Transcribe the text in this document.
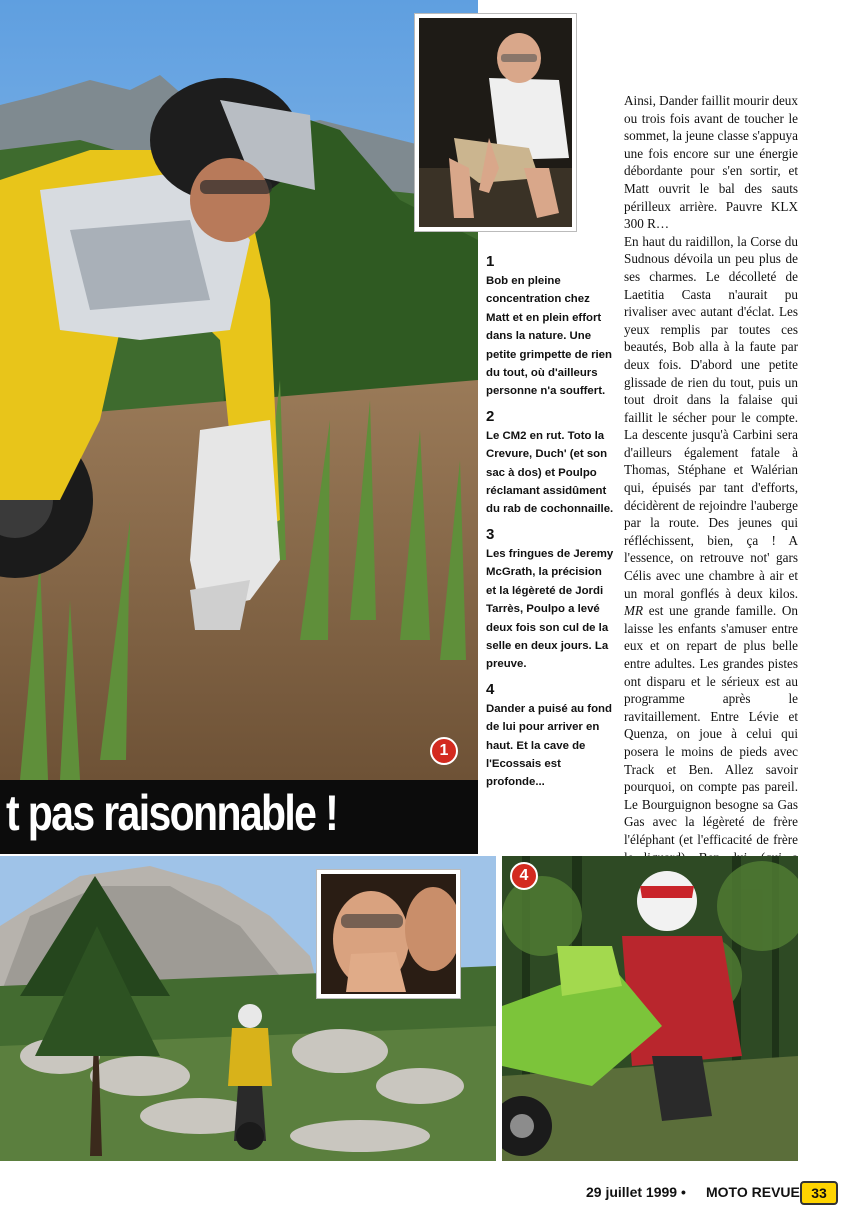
1
t pas raisonnable !
1
Bob en pleine concentration chez Matt et en plein effort dans la nature. Une petite grimpette de rien du tout, où d'ailleurs personne n'a souffert.
2
Le CM2 en rut. Toto la Crevure, Duch' (et son sac à dos) et Poulpo réclamant assidûment du rab de cochonnaille.
3
Les fringues de Jeremy McGrath, la précision et la légèreté de Jordi Tarrès, Poulpo a levé deux fois son cul de la selle en deux jours. La preuve.
4
Dander a puisé au fond de lui pour arriver en haut. Et la cave de l'Ecossais est profonde...

Ainsi, Dander faillit mourir deux ou trois fois avant de toucher le sommet, la jeune classe s'appuya une fois encore sur une énergie débordante pour s'en sortir, et Matt ouvrit le bal des sauts périlleux arrière. Pauvre KLX 300 R…

En haut du raidillon, la Corse du Sudnous dévoila un peu plus de ses charmes. Le décolleté de Laetitia Casta n'aurait pu rivaliser avec autant d'éclat. Les yeux remplis par toutes ces beautés, Bob alla à la faute par deux fois. D'abord une petite glissade de rien du tout, puis un tout droit dans la falaise qui faillit le sécher pour le compte. La descente jusqu'à Carbini sera d'ailleurs également fatale à Thomas, Stéphane et Walérian qui, épuisés par tant d'efforts, décidèrent de rejoindre l'auberge par la route. Des jeunes qui réfléchissent, bien, ça ! A l'essence, on retrouve not' gars Célis avec une chambre à air et un moral gonflés à deux kilos. MR est une grande famille. On laisse les enfants s'amuser entre eux et on repart de plus belle entre adultes. Les grandes pistes ont disparu et le sérieux est au programme après le ravitaillement. Entre Lévie et Quenza, on joue à celui qui posera le moins de pieds avec Track et Ben. Allez savoir pourquoi, on compte pas pareil. Le Bourguignon besogne sa Gas Gas avec la légèreté de frère l'éléphant (et l'efficacité de frère

4
29 juillet 1999 • MOTO REVUE 33
